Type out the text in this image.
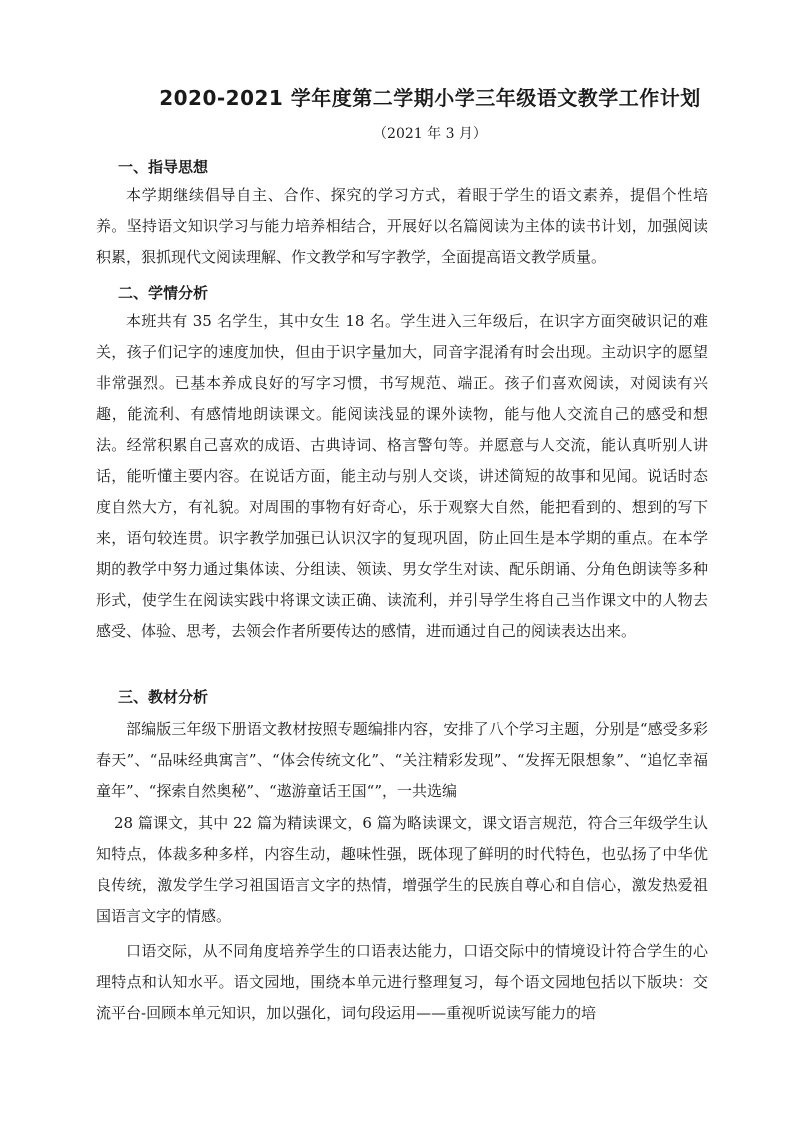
2020-2021 学年度第二学期小学三年级语文教学工作计划
（2021 年 3 月）
一、指导思想

本学期继续倡导自主、合作、探究的学习方式，着眼于学生的语文素养，提倡个性培养。坚持语文知识学习与能力培养相结合，开展好以名篇阅读为主体的读书计划，加强阅读积累，狠抓现代文阅读理解、作文教学和写字教学，全面提高语文教学质量。

二、学情分析

本班共有 35 名学生，其中女生 18 名。学生进入三年级后，在识字方面突破识记的难关，孩子们记字的速度加快，但由于识字量加大，同音字混淆有时会出现。主动识字的愿望非常强烈。已基本养成良好的写字习惯，书写规范、端正。孩子们喜欢阅读，对阅读有兴趣，能流利、有感情地朗读课文。能阅读浅显的课外读物，能与他人交流自己的感受和想法。经常积累自己喜欢的成语、古典诗词、格言警句等。并愿意与人交流，能认真听别人讲话，能听懂主要内容。在说话方面，能主动与别人交谈，讲述简短的故事和见闻。说话时态度自然大方，有礼貌。对周围的事物有好奇心，乐于观察大自然，能把看到的、想到的写下来，语句较连贯。识字教学加强已认识汉字的复现巩固，防止回生是本学期的重点。在本学期的教学中努力通过集体读、分组读、领读、男女学生对读、配乐朗诵、分角色朗读等多种形式，使学生在阅读实践中将课文读正确、读流利，并引导学生将自己当作课文中的人物去感受、体验、思考，去领会作者所要传达的感情，进而通过自己的阅读表达出来。

三、教材分析

部编版三年级下册语文教材按照专题编排内容，安排了八个学习主题，分别是“感受多彩春天”、“品味经典寓言”、“体会传统文化”、“关注精彩发现”、“发挥无限想象”、“追忆幸福童年”、“探索自然奥秘”、“遨游童话王国“”，一共选编

28 篇课文，其中 22 篇为精读课文，6 篇为略读课文，课文语言规范，符合三年级学生认知特点，体裁多种多样，内容生动，趣味性强，既体现了鲜明的时代特色，也弘扬了中华优良传统，激发学生学习祖国语言文字的热情，增强学生的民族自尊心和自信心，激发热爱祖国语言文字的情感。

口语交际，从不同角度培养学生的口语表达能力，口语交际中的情境设计符合学生的心理特点和认知水平。语文园地，围绕本单元进行整理复习，每个语文园地包括以下版块：交流平台-回顾本单元知识，加以强化，词句段运用——重视听说读写能力的培
